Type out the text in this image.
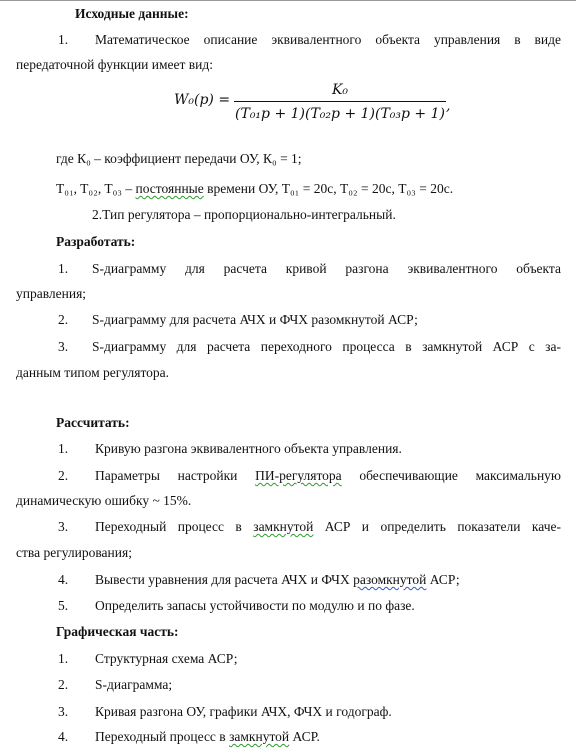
Исходные данные:
1. Математическое описание эквивалентного объекта управления в виде
передаточной функции имеет вид:
W₀(p) =
K₀
(T₀₁p + 1)(T₀₂p + 1)(T₀₃p + 1) ,
где К₀ – коэффициент передачи ОУ, К₀ = 1;
T₀₁, T₀₂, T₀₃ – постоянные времени ОУ, T₀₁ = 20с, T₀₂ = 20с, T₀₃ = 20с.
2.Тип регулятора – пропорционально-интегральный.
Разработать:
1. S-диаграмму для расчета кривой разгона эквивалентного объекта
управления;
2. S-диаграмму для расчета АЧХ и ФЧХ разомкнутой АСР;
3. S-диаграмму для расчета переходного процесса в замкнутой АСР с за-
данным типом регулятора.
Рассчитать:
1. Кривую разгона эквивалентного объекта управления.
2. Параметры настройки ПИ-регулятора обеспечивающие максимальную
динамическую ошибку ~ 15%.
3. Переходный процесс в замкнутой АСР и определить показатели каче-
ства регулирования;
4. Вывести уравнения для расчета АЧХ и ФЧХ разомкнутой АСР;
5. Определить запасы устойчивости по модулю и по фазе.
Графическая часть:
1. Структурная схема АСР;
2. S-диаграмма;
3. Кривая разгона ОУ, графики АЧХ, ФЧХ и годограф.
4. Переходный процесс в замкнутой АСР.
